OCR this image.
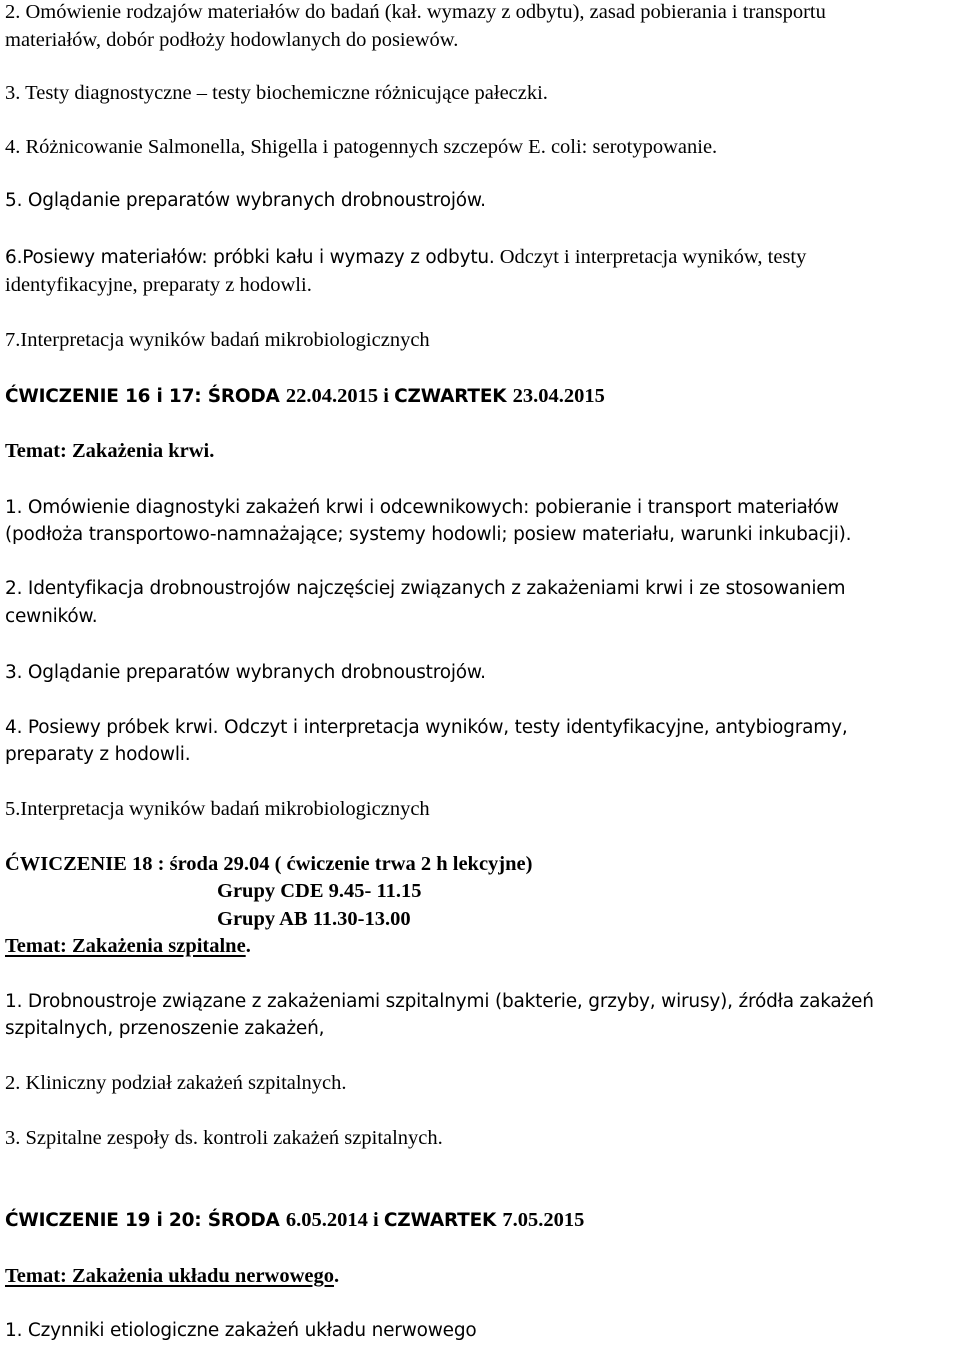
2. Omówienie rodzajów materiałów do badań (kał. wymazy z odbytu), zasad pobierania i transportu
materiałów, dobór podłoży hodowlanych do posiewów.
3. Testy diagnostyczne – testy biochemiczne różnicujące pałeczki.
4. Różnicowanie Salmonella, Shigella i patogennych szczepów E. coli: serotypowanie.
5. Oglądanie preparatów wybranych drobnoustrojów.
6.Posiewy materiałów: próbki kału i wymazy z odbytu. Odczyt i interpretacja wyników, testy
identyfikacyjne, preparaty z hodowli.
7.Interpretacja wyników badań mikrobiologicznych
ĆWICZENIE 16 i 17: ŚRODA 22.04.2015 i CZWARTEK 23.04.2015
Temat: Zakażenia krwi.
1. Omówienie diagnostyki zakażeń krwi i odcewnikowych: pobieranie i transport materiałów
(podłoża transportowo-namnażające; systemy hodowli; posiew materiału, warunki inkubacji).
2. Identyfikacja drobnoustrojów najczęściej związanych z zakażeniami krwi i ze stosowaniem
cewników.
3. Oglądanie preparatów wybranych drobnoustrojów.
4. Posiewy próbek krwi. Odczyt i interpretacja wyników, testy identyfikacyjne, antybiogramy,
preparaty z hodowli.
5.Interpretacja wyników badań mikrobiologicznych
ĆWICZENIE 18 : środa 29.04 ( ćwiczenie trwa 2 h lekcyjne)
Grupy CDE 9.45- 11.15
Grupy AB 11.30-13.00
Temat: Zakażenia szpitalne.
1. Drobnoustroje związane z zakażeniami szpitalnymi (bakterie, grzyby, wirusy), źródła zakażeń
szpitalnych, przenoszenie zakażeń,
2. Kliniczny podział zakażeń szpitalnych.
3. Szpitalne zespoły ds. kontroli zakażeń szpitalnych.
ĆWICZENIE 19 i 20: ŚRODA 6.05.2014 i CZWARTEK 7.05.2015
Temat: Zakażenia układu nerwowego.
1. Czynniki etiologiczne zakażeń układu nerwowego
